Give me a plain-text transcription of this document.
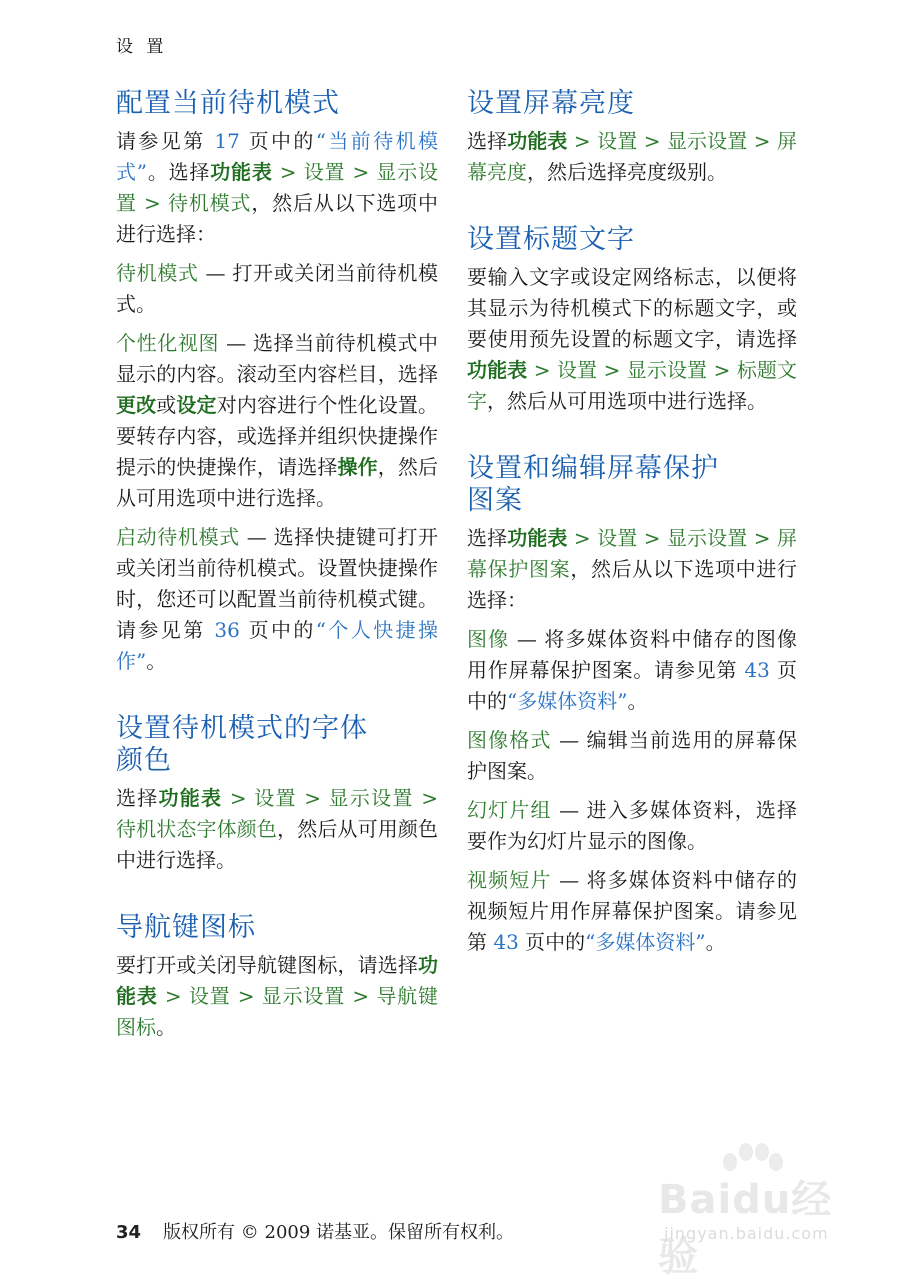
设 置
配置当前待机模式

请参见第 17 页中的“当前待机模式”。选择功能表 > 设置 > 显示设置 > 待机模式，然后从以下选项中进行选择：

待机模式 — 打开或关闭当前待机模式。

个性化视图 — 选择当前待机模式中显示的内容。滚动至内容栏目，选择更改或设定对内容进行个性化设置。要转存内容，或选择并组织快捷操作提示的快捷操作，请选择操作，然后从可用选项中进行选择。

启动待机模式 — 选择快捷键可打开或关闭当前待机模式。设置快捷操作时，您还可以配置当前待机模式键。请参见第 36 页中的“个人快捷操作”。

设置待机模式的字体
颜色

选择功能表 > 设置 > 显示设置 > 待机状态字体颜色，然后从可用颜色中进行选择。

导航键图标

要打开或关闭导航键图标，请选择功能表 > 设置 > 显示设置 > 导航键图标。

设置屏幕亮度

选择功能表 > 设置 > 显示设置 > 屏幕亮度，然后选择亮度级别。

设置标题文字

要输入文字或设定网络标志，以便将其显示为待机模式下的标题文字，或要使用预先设置的标题文字，请选择功能表 > 设置 > 显示设置 > 标题文字，然后从可用选项中进行选择。

设置和编辑屏幕保护
图案

选择功能表 > 设置 > 显示设置 > 屏幕保护图案，然后从以下选项中进行选择：

图像 — 将多媒体资料中储存的图像用作屏幕保护图案。请参见第 43 页中的“多媒体资料”。

图像格式 — 编辑当前选用的屏幕保护图案。

幻灯片组 — 进入多媒体资料，选择要作为幻灯片显示的图像。

视频短片 — 将多媒体资料中储存的视频短片用作屏幕保护图案。请参见第 43 页中的“多媒体资料”。

34 版权所有 © 2009 诺基亚。保留所有权利。
Baidu经验
jingyan.baidu.com
